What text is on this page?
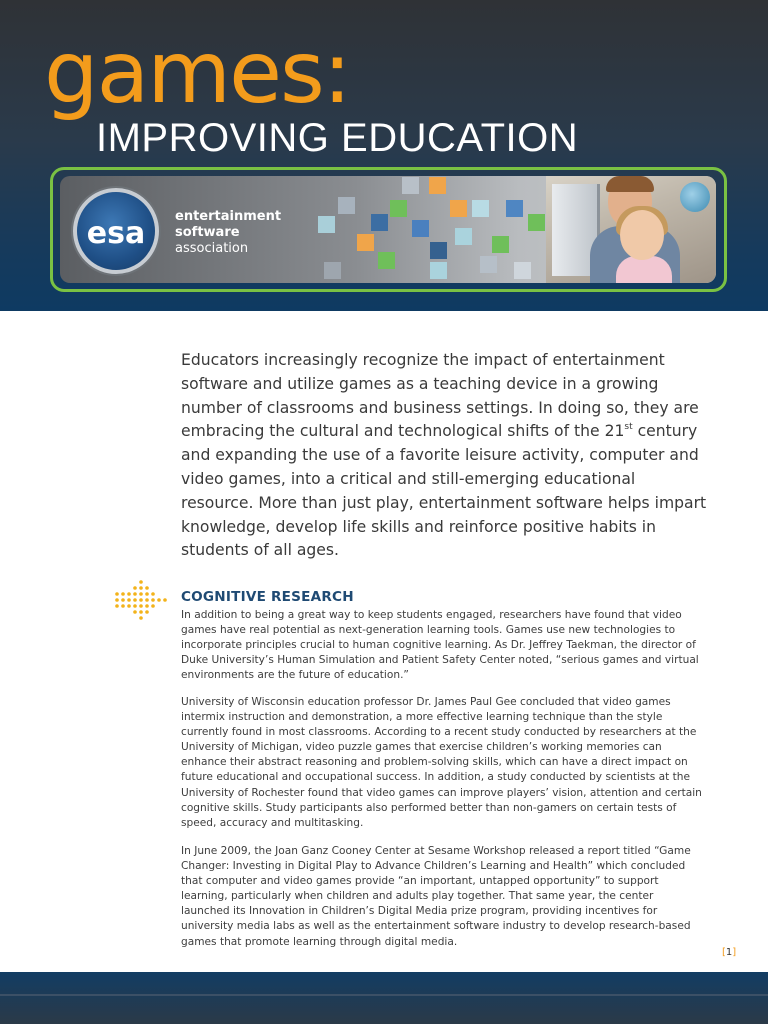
games:
IMPROVING EDUCATION
esa	entertainment
software
association

Educators increasingly recognize the impact of entertainment software and utilize games as a teaching device in a growing number of classrooms and business settings. In doing so, they are embracing the cultural and technological shifts of the 21st century and expanding the use of a favorite leisure activity, computer and video games, into a critical and still-emerging educational resource. More than just play, entertainment software helps impart knowledge, develop life skills and reinforce positive habits in students of all ages.

COGNITIVE RESEARCH

In addition to being a great way to keep students engaged, researchers have found that video games have real potential as next-generation learning tools. Games use new technologies to incorporate principles crucial to human cognitive learning. As Dr. Jeffrey Taekman, the director of Duke University’s Human Simulation and Patient Safety Center noted, “serious games and virtual environments are the future of education.”

University of Wisconsin education professor Dr. James Paul Gee concluded that video games intermix instruction and demonstration, a more effective learning technique than the style currently found in most classrooms. According to a recent study conducted by researchers at the University of Michigan, video puzzle games that exercise children’s working memories can enhance their abstract reasoning and problem-solving skills, which can have a direct impact on future educational and occupational success. In addition, a study conducted by scientists at the University of Rochester found that video games can improve players’ vision, attention and certain cognitive skills. Study participants also performed better than non-gamers on certain tests of speed, accuracy and multitasking.

In June 2009, the Joan Ganz Cooney Center at Sesame Workshop released a report titled “Game Changer: Investing in Digital Play to Advance Children’s Learning and Health” which concluded that computer and video games provide “an important, untapped opportunity” to support learning, particularly when children and adults play together. That same year, the center launched its Innovation in Children’s Digital Media prize program, providing incentives for university media labs as well as the entertainment software industry to develop research-based games that promote learning through digital media.

[1]
